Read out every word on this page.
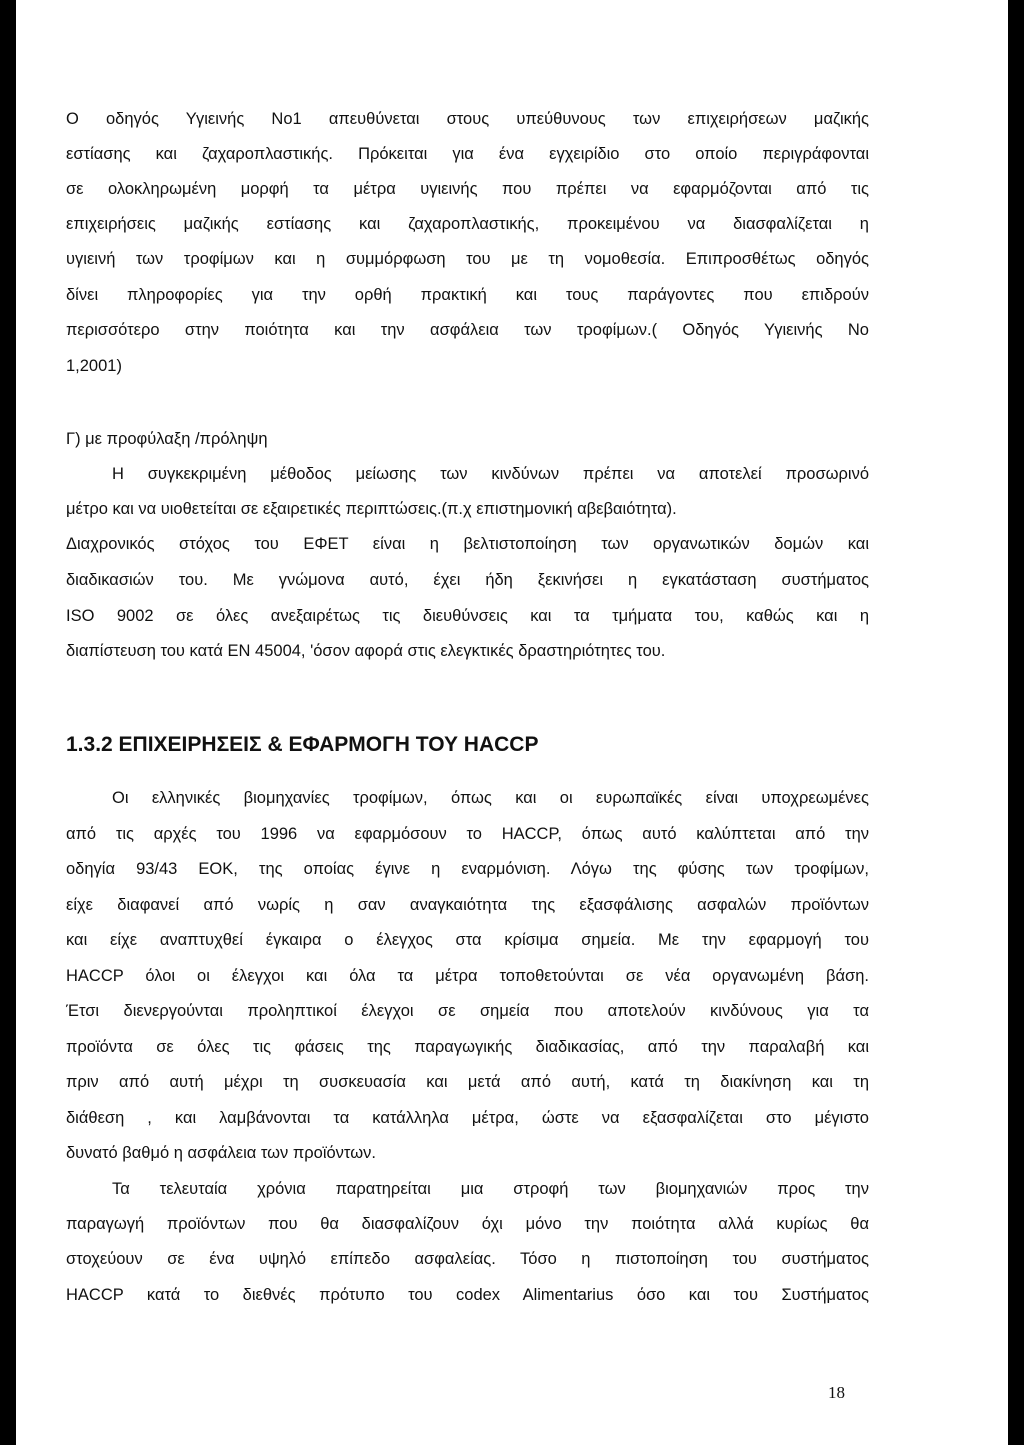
Ο οδηγός Υγιεινής Νο1 απευθύνεται στους υπεύθυνους των επιχειρήσεων μαζικής

εστίασης και ζαχαροπλαστικής. Πρόκειται για ένα εγχειρίδιο στο οποίο περιγράφονται

σε ολοκληρωμένη μορφή τα μέτρα υγιεινής που πρέπει να εφαρμόζονται από τις

επιχειρήσεις μαζικής εστίασης και ζαχαροπλαστικής, προκειμένου να διασφαλίζεται η

υγιεινή των τροφίμων και η συμμόρφωση του με τη νομοθεσία. Επιπροσθέτως οδηγός

δίνει πληροφορίες για την ορθή πρακτική και τους παράγοντες που επιδρούν

περισσότερο στην ποιότητα και την ασφάλεια των τροφίμων.( Οδηγός Υγιεινής Νο

1,2001)

Γ) με προφύλαξη /πρόληψη

Η συγκεκριμένη μέθοδος μείωσης των κινδύνων πρέπει να αποτελεί προσωρινό

μέτρο και να υιοθετείται σε εξαιρετικές περιπτώσεις.(π.χ επιστημονική αβεβαιότητα).

Διαχρονικός στόχος του ΕΦΕΤ είναι η βελτιστοποίηση των οργανωτικών δομών και

διαδικασιών του. Με γνώμονα αυτό, έχει ήδη ξεκινήσει η εγκατάσταση συστήματος

ISO 9002 σε όλες ανεξαιρέτως τις διευθύνσεις και τα τμήματα του, καθώς και η

διαπίστευση του κατά ΕΝ 45004, 'όσον αφορά στις ελεγκτικές δραστηριότητες του.

1.3.2 ΕΠΙΧΕΙΡΗΣΕΙΣ & ΕΦΑΡΜΟΓΗ ΤΟΥ HACCP

Οι ελληνικές βιομηχανίες τροφίμων, όπως και οι ευρωπαϊκές είναι υποχρεωμένες

από τις αρχές του 1996 να εφαρμόσουν το HACCP, όπως αυτό καλύπτεται από την

οδηγία 93/43 ΕΟΚ, της οποίας έγινε η εναρμόνιση. Λόγω της φύσης των τροφίμων,

είχε διαφανεί από νωρίς η σαν αναγκαιότητα της εξασφάλισης ασφαλών προϊόντων

και είχε αναπτυχθεί έγκαιρα ο έλεγχος στα κρίσιμα σημεία. Με την εφαρμογή του

HACCP όλοι οι έλεγχοι και όλα τα μέτρα τοποθετούνται σε νέα οργανωμένη βάση.

Έτσι διενεργούνται προληπτικοί έλεγχοι σε σημεία που αποτελούν κινδύνους για τα

προϊόντα σε όλες τις φάσεις της παραγωγικής διαδικασίας, από την παραλαβή και

πριν από αυτή μέχρι τη συσκευασία και μετά από αυτή, κατά τη διακίνηση και τη

διάθεση , και λαμβάνονται τα κατάλληλα μέτρα, ώστε να εξασφαλίζεται στο μέγιστο

δυνατό βαθμό η ασφάλεια των προϊόντων.

Τα τελευταία χρόνια παρατηρείται μια στροφή των βιομηχανιών προς την

παραγωγή προϊόντων που θα διασφαλίζουν όχι μόνο την ποιότητα αλλά κυρίως θα

στοχεύουν σε ένα υψηλό επίπεδο ασφαλείας. Τόσο η πιστοποίηση του συστήματος

HACCP κατά το διεθνές πρότυπο του codex Alimentarius όσο και του Συστήματος

18
